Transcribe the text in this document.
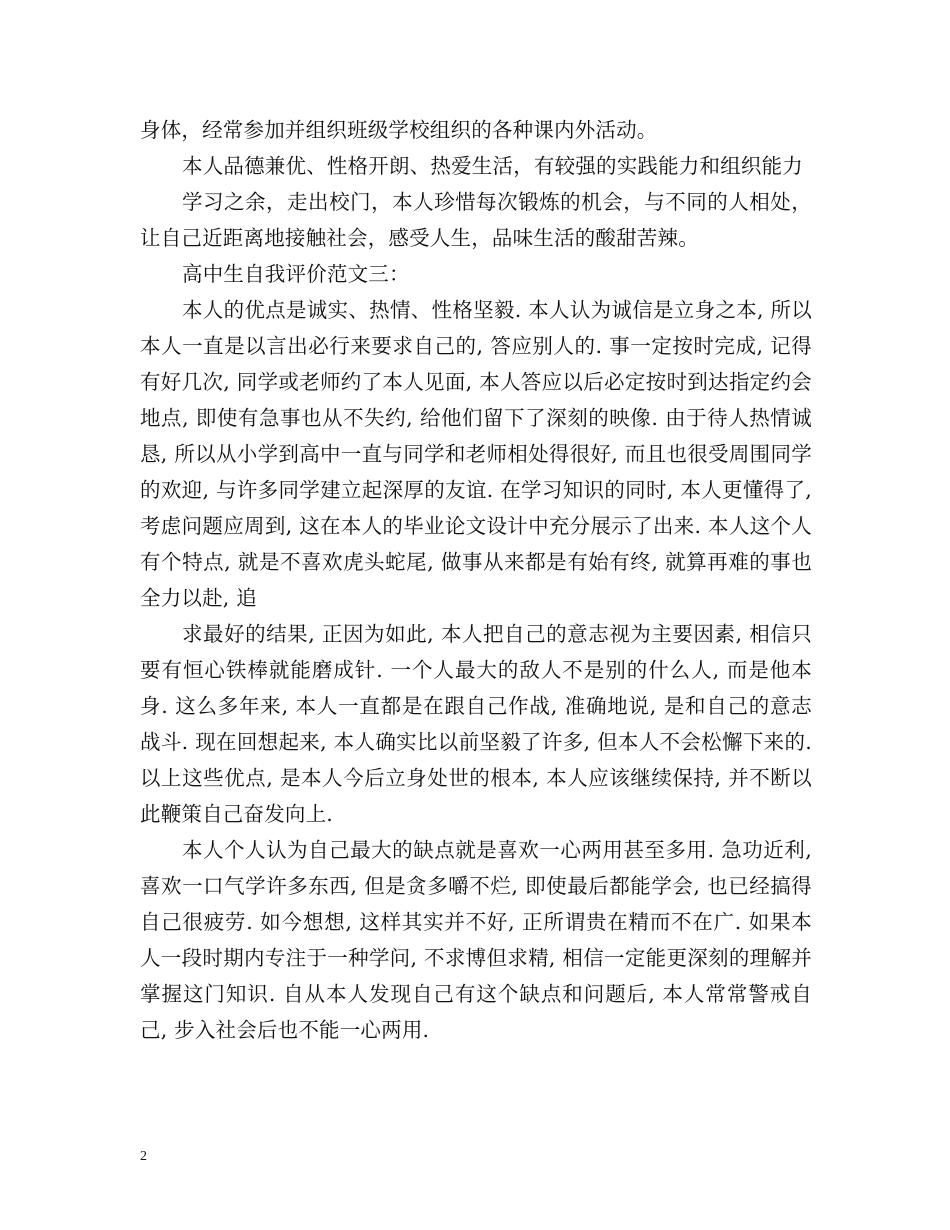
身体，经常参加并组织班级学校组织的各种课内外活动。

本人品德兼优、性格开朗、热爱生活，有较强的实践能力和组织能力

学习之余，走出校门，本人珍惜每次锻炼的机会，与不同的人相处，让自己近距离地接触社会，感受人生，品味生活的酸甜苦辣。

高中生自我评价范文三：

本人的优点是诚实、热情、性格坚毅. 本人认为诚信是立身之本, 所以本人一直是以言出必行来要求自己的, 答应别人的. 事一定按时完成, 记得有好几次, 同学或老师约了本人见面, 本人答应以后必定按时到达指定约会地点, 即使有急事也从不失约, 给他们留下了深刻的映像. 由于待人热情诚恳, 所以从小学到高中一直与同学和老师相处得很好, 而且也很受周围同学的欢迎, 与许多同学建立起深厚的友谊. 在学习知识的同时, 本人更懂得了, 考虑问题应周到, 这在本人的毕业论文设计中充分展示了出来. 本人这个人有个特点, 就是不喜欢虎头蛇尾, 做事从来都是有始有终, 就算再难的事也全力以赴, 追

求最好的结果, 正因为如此, 本人把自己的意志视为主要因素, 相信只要有恒心铁棒就能磨成针. 一个人最大的敌人不是别的什么人, 而是他本身. 这么多年来, 本人一直都是在跟自己作战, 准确地说, 是和自己的意志战斗. 现在回想起来, 本人确实比以前坚毅了许多, 但本人不会松懈下来的. 以上这些优点, 是本人今后立身处世的根本, 本人应该继续保持, 并不断以此鞭策自己奋发向上.

本人个人认为自己最大的缺点就是喜欢一心两用甚至多用. 急功近利, 喜欢一口气学许多东西, 但是贪多嚼不烂, 即使最后都能学会, 也已经搞得自己很疲劳. 如今想想, 这样其实并不好, 正所谓贵在精而不在广. 如果本人一段时期内专注于一种学问, 不求博但求精, 相信一定能更深刻的理解并掌握这门知识. 自从本人发现自己有这个缺点和问题后, 本人常常警戒自己, 步入社会后也不能一心两用.

2
